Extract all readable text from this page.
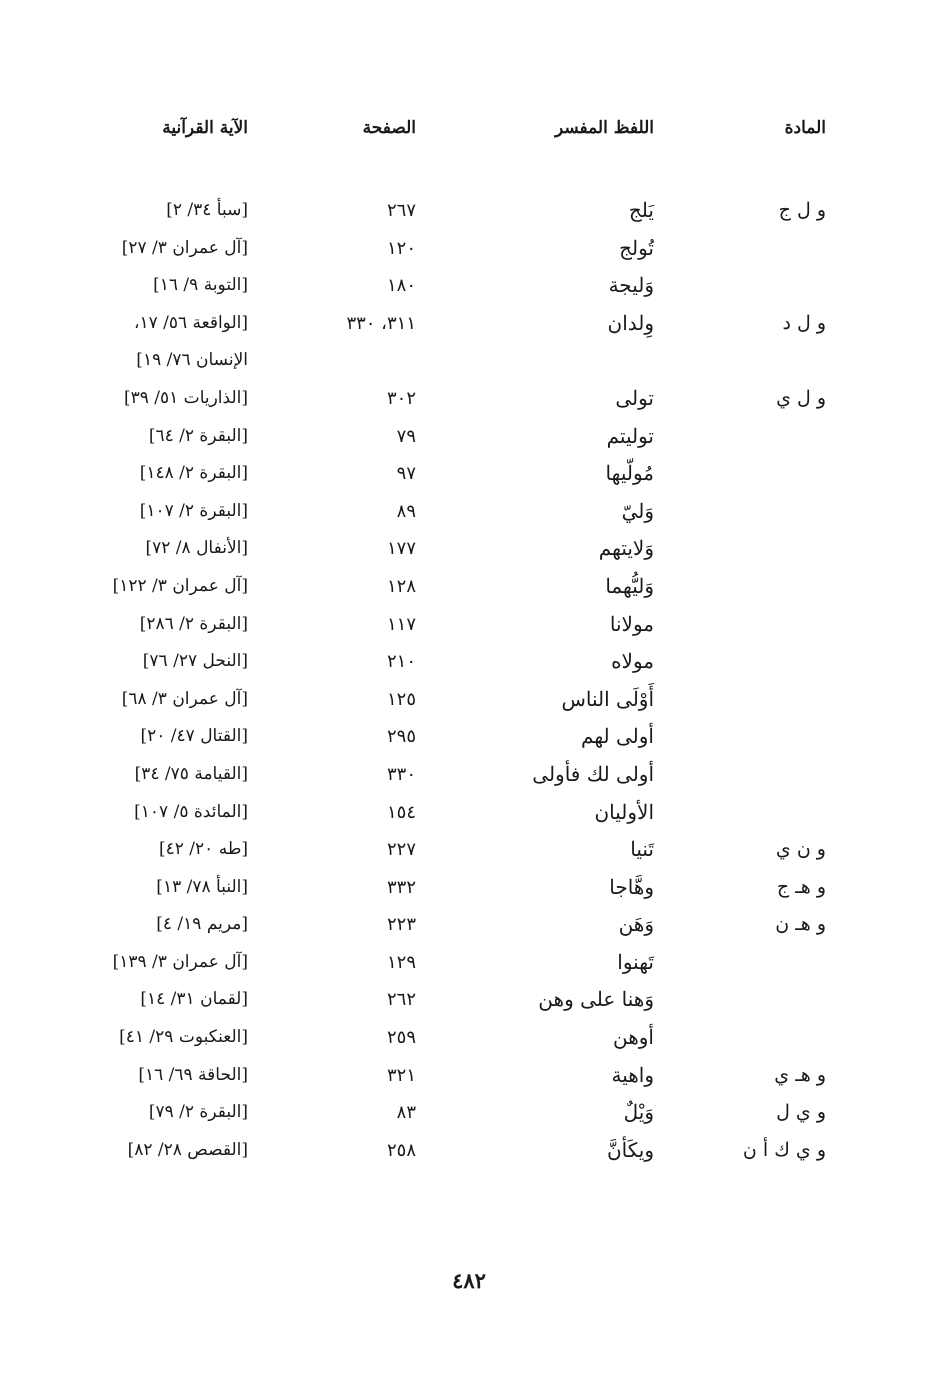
المادة
اللفظ المفسر
الصفحة
الآية القرآنية
و ل ج
يَلج
٢٦٧
[سبأ ٣٤/ ٢]
تُولج
١٢٠
[آل عمران ٣/ ٢٧]
وَليجة
١٨٠
[التوبة ٩/ ١٦]
و ل د
وِلدان
٣١١، ٣٣٠
[الواقعة ٥٦/ ١٧،
الإنسان ٧٦/ ١٩]
و ل ي
تولى
٣٠٢
[الذاريات ٥١/ ٣٩]
توليتم
٧٩
[البقرة ٢/ ٦٤]
مُولّيها
٩٧
[البقرة ٢/ ١٤٨]
وَليّ
٨٩
[البقرة ٢/ ١٠٧]
وَلايتهم
١٧٧
[الأنفال ٨/ ٧٢]
وَليُّهما
١٢٨
[آل عمران ٣/ ١٢٢]
مولانا
١١٧
[البقرة ٢/ ٢٨٦]
مولاه
٢١٠
[النحل ٢٧/ ٧٦]
أَوْلَى الناس
١٢٥
[آل عمران ٣/ ٦٨]
أولى لهم
٢٩٥
[القتال ٤٧/ ٢٠]
أولى لك فأولى
٣٣٠
[القيامة ٧٥/ ٣٤]
الأوليان
١٥٤
[المائدة ٥/ ١٠٧]
و ن ي
تَنيا
٢٢٧
[طه ٢٠/ ٤٢]
و هـ ج
وهَّاجا
٣٣٢
[النبأ ٧٨/ ١٣]
و هـ ن
وَهَن
٢٢٣
[مريم ١٩/ ٤]
تَهنوا
١٢٩
[آل عمران ٣/ ١٣٩]
وَهنا على وهن
٢٦٢
[لقمان ٣١/ ١٤]
أوهن
٢٥٩
[العنكبوت ٢٩/ ٤١]
و هـ ي
واهية
٣٢١
[الحاقة ٦٩/ ١٦]
و ي ل
وَيْلٌ
٨٣
[البقرة ٢/ ٧٩]
و ي ك أ ن
ويكَأنَّ
٢٥٨
[القصص ٢٨/ ٨٢]
٤٨٢
